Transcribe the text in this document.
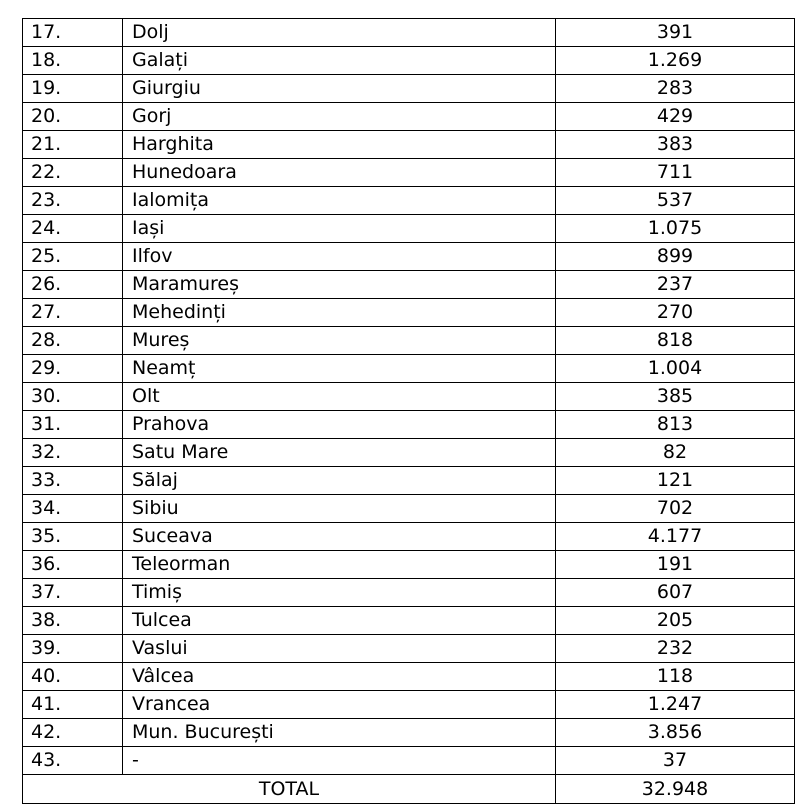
17.	Dolj	391
18.	Galați	1.269
19.	Giurgiu	283
20.	Gorj	429
21.	Harghita	383
22.	Hunedoara	711
23.	Ialomița	537
24.	Iași	1.075
25.	Ilfov	899
26.	Maramureș	237
27.	Mehedinți	270
28.	Mureș	818
29.	Neamț	1.004
30.	Olt	385
31.	Prahova	813
32.	Satu Mare	82
33.	Sălaj	121
34.	Sibiu	702
35.	Suceava	4.177
36.	Teleorman	191
37.	Timiș	607
38.	Tulcea	205
39.	Vaslui	232
40.	Vâlcea	118
41.	Vrancea	1.247
42.	Mun. București	3.856
43.	-	37
TOTAL		32.948
